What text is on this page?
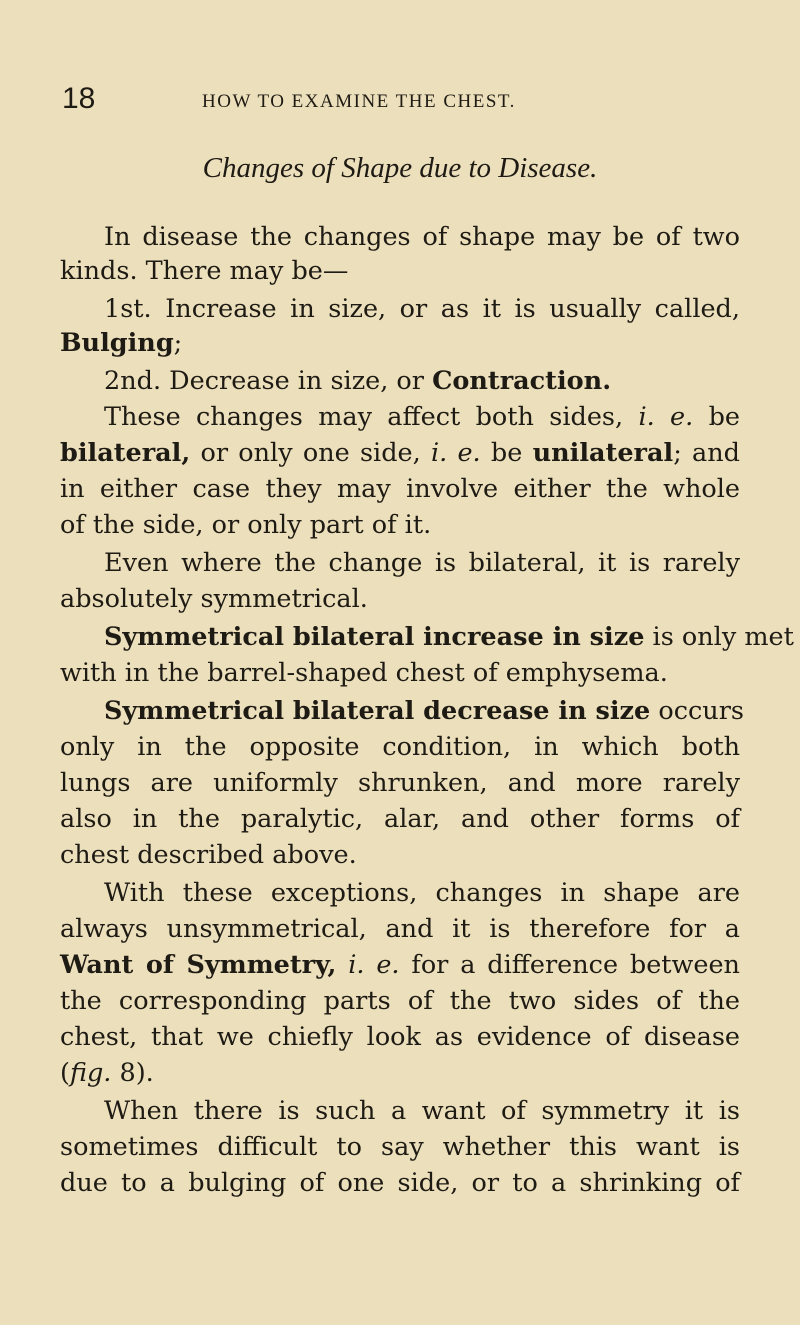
18	HOW TO EXAMINE THE CHEST.
Changes of Shape due to Disease.
In disease the changes of shape may be of two
kinds. There may be—
1st. Increase in size, or as it is usually called,
Bulging;
2nd. Decrease in size, or Contraction.
These changes may affect both sides, i. e. be
bilateral, or only one side, i. e. be unilateral; and
in either case they may involve either the whole
of the side, or only part of it.
Even where the change is bilateral, it is rarely
absolutely symmetrical.
Symmetrical bilateral increase in size is only met
with in the barrel-shaped chest of emphysema.
Symmetrical bilateral decrease in size occurs
only in the opposite condition, in which both
lungs are uniformly shrunken, and more rarely
also in the paralytic, alar, and other forms of
chest described above.
With these exceptions, changes in shape are
always unsymmetrical, and it is therefore for a
Want of Symmetry, i. e. for a difference between
the corresponding parts of the two sides of the
chest, that we chiefly look as evidence of disease
(fig. 8).
When there is such a want of symmetry it is
sometimes difficult to say whether this want is
due to a bulging of one side, or to a shrinking of
